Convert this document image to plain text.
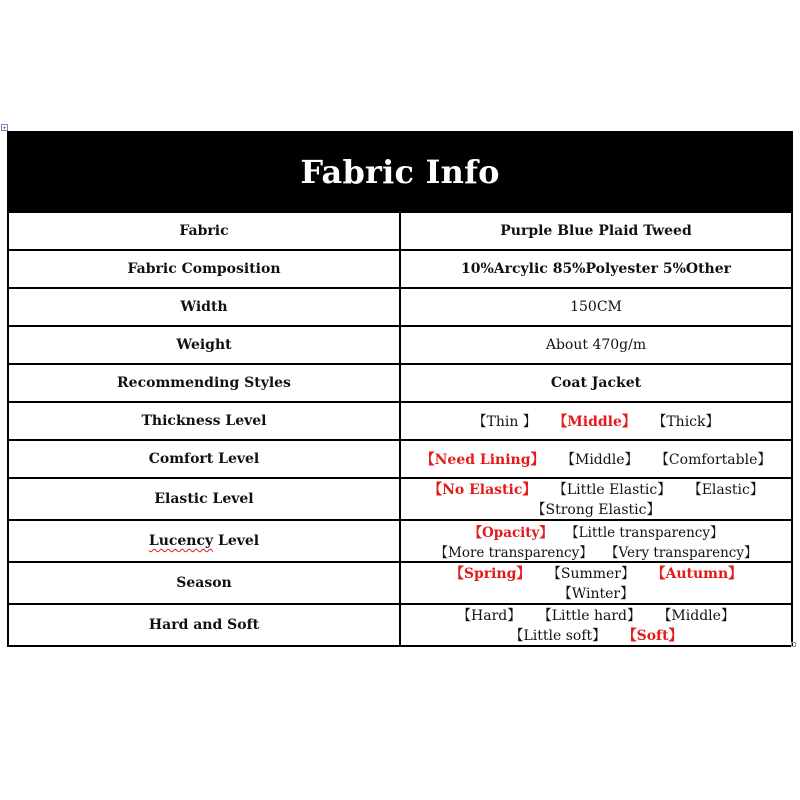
+
Fabric Info	
Fabric	Purple Blue Plaid Tweed
Fabric Composition	10%Arcylic 85%Polyester 5%Other
Width	150CM
Weight	About 470g/m
Recommending Styles	Coat Jacket
Thickness Level	【Thin 】 【Middle】 【Thick】
Comfort Level	【Need Lining】 【Middle】 【Comfortable】
Elastic Level	【No Elastic】 【Little Elastic】 【Elastic】 【Strong Elastic】
Lucency Level	【Opacity】 【Little transparency】 【More transparency】 【Very transparency】
Season	【Spring】 【Summer】 【Autumn】 【Winter】
Hard and Soft	【Hard】 【Little hard】 【Middle】 【Little soft】 【Soft】
